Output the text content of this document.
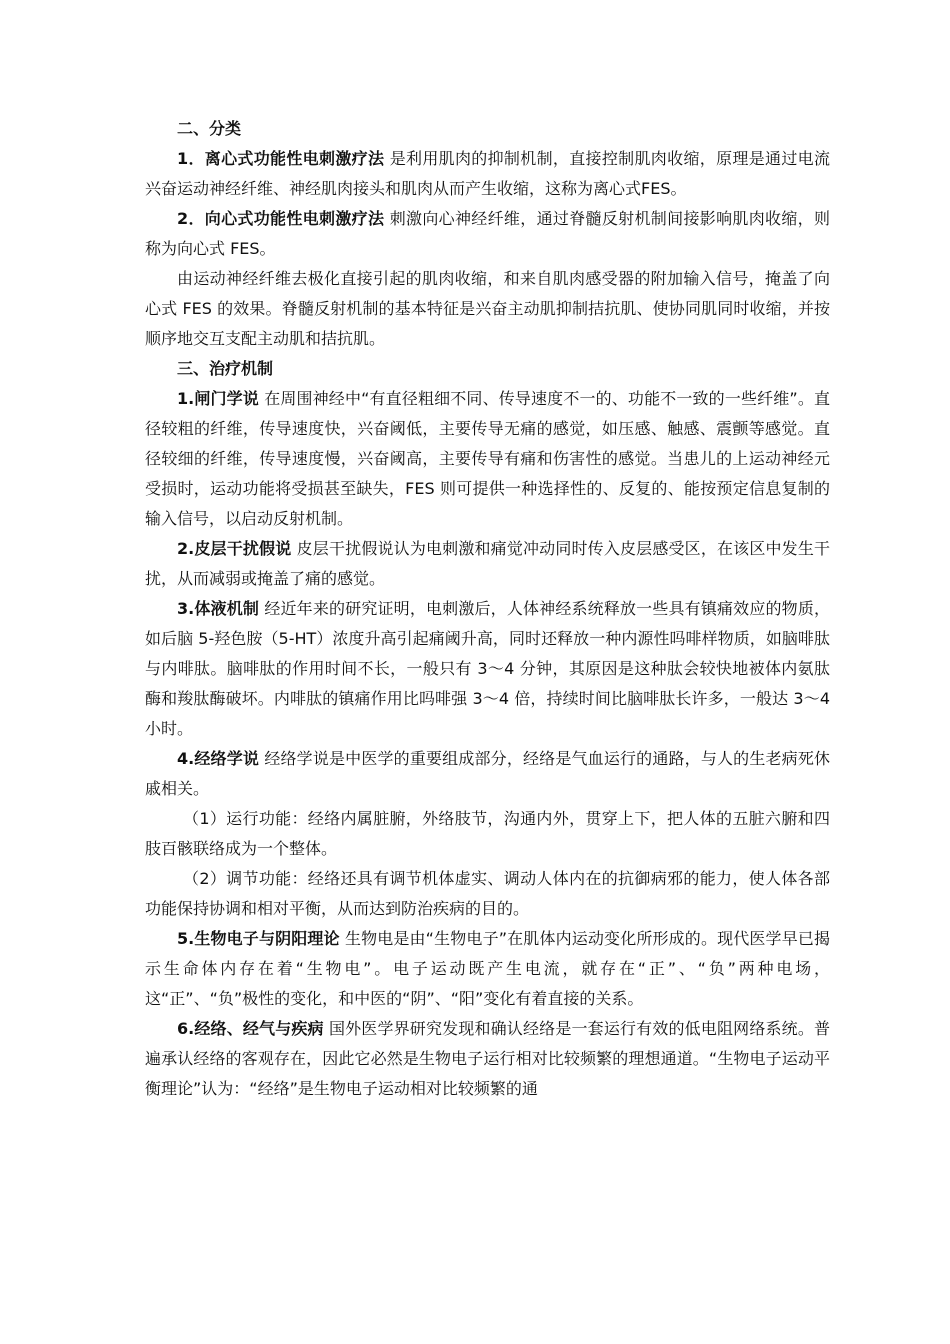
二、分类

1．离心式功能性电刺激疗法 是利用肌肉的抑制机制，直接控制肌肉收缩，原理是通过电流兴奋运动神经纤维、神经肌肉接头和肌肉从而产生收缩，这称为离心式FES。

2．向心式功能性电刺激疗法 刺激向心神经纤维，通过脊髓反射机制间接影响肌肉收缩，则称为向心式 FES。

由运动神经纤维去极化直接引起的肌肉收缩，和来自肌肉感受器的附加输入信号，掩盖了向心式 FES 的效果。脊髓反射机制的基本特征是兴奋主动肌抑制拮抗肌、使协同肌同时收缩，并按顺序地交互支配主动肌和拮抗肌。

三、治疗机制

1.闸门学说 在周围神经中“有直径粗细不同、传导速度不一的、功能不一致的一些纤维”。直径较粗的纤维，传导速度快，兴奋阈低，主要传导无痛的感觉，如压感、触感、震颤等感觉。直径较细的纤维，传导速度慢，兴奋阈高，主要传导有痛和伤害性的感觉。当患儿的上运动神经元受损时，运动功能将受损甚至缺失，FES 则可提供一种选择性的、反复的、能按预定信息复制的输入信号，以启动反射机制。

2.皮层干扰假说 皮层干扰假说认为电刺激和痛觉冲动同时传入皮层感受区，在该区中发生干扰，从而减弱或掩盖了痛的感觉。

3.体液机制 经近年来的研究证明，电刺激后，人体神经系统释放一些具有镇痛效应的物质，如后脑 5-羟色胺（5-HT）浓度升高引起痛阈升高，同时还释放一种内源性吗啡样物质，如脑啡肽与内啡肽。脑啡肽的作用时间不长，一般只有 3～4 分钟，其原因是这种肽会较快地被体内氨肽酶和羧肽酶破坏。内啡肽的镇痛作用比吗啡强 3～4 倍，持续时间比脑啡肽长许多，一般达 3～4 小时。

4.经络学说 经络学说是中医学的重要组成部分，经络是气血运行的通路，与人的生老病死休戚相关。

（1）运行功能：经络内属脏腑，外络肢节，沟通内外，贯穿上下，把人体的五脏六腑和四肢百骸联络成为一个整体。

（2）调节功能：经络还具有调节机体虚实、调动人体内在的抗御病邪的能力，使人体各部功能保持协调和相对平衡，从而达到防治疾病的目的。

5.生物电子与阴阳理论 生物电是由“生物电子”在肌体内运动变化所形成的。现代医学早已揭示生命体内存在着“生物电”。电子运动既产生电流，就存在“正”、“负”两种电场，这“正”、“负”极性的变化，和中医的“阴”、“阳”变化有着直接的关系。

6.经络、经气与疾病 国外医学界研究发现和确认经络是一套运行有效的低电阻网络系统。普遍承认经络的客观存在，因此它必然是生物电子运行相对比较频繁的理想通道。“生物电子运动平衡理论”认为：“经络”是生物电子运动相对比较频繁的通
